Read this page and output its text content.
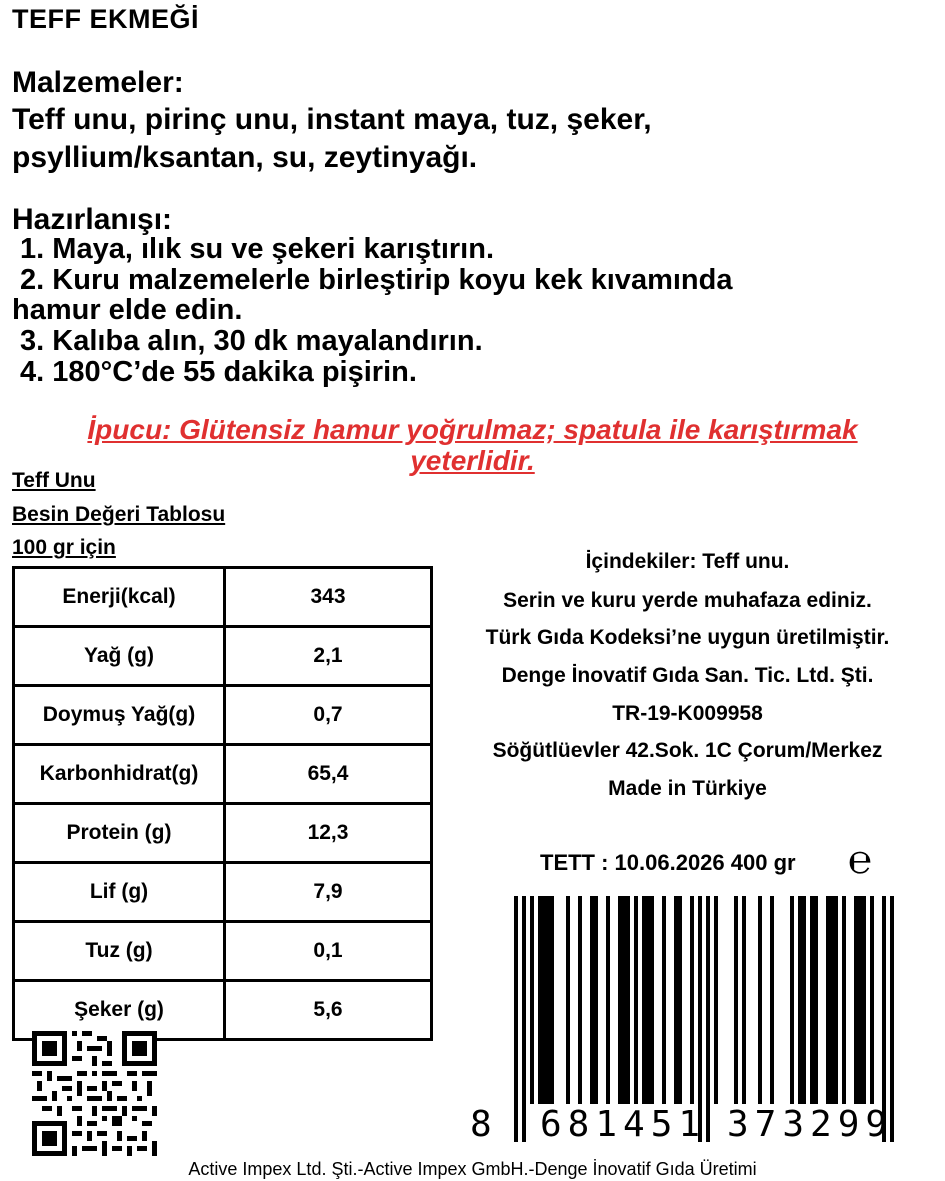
TEFF EKMEĞİ
Malzemeler:
Teff unu, pirinç unu, instant maya, tuz, şeker,
psyllium/ksantan, su, zeytinyağı.
Hazırlanışı:
1. Maya, ılık su ve şekeri karıştırın.
2. Kuru malzemelerle birleştirip koyu kek kıvamında
hamur elde edin.
3. Kalıba alın, 30 dk mayalandırın.
4. 180°C’de 55 dakika pişirin.
İpucu: Glütensiz hamur yoğrulmaz; spatula ile karıştırmak
yeterlidir.
Teff Unu
Besin Değeri Tablosu
100 gr için
Enerji(kcal)	343
Yağ (g)	2,1
Doymuş Yağ(g)	0,7
Karbonhidrat(g)	65,4
Protein (g)	12,3
Lif (g)	7,9
Tuz (g)	0,1
Şeker (g)	5,6
İçindekiler: Teff unu.
Serin ve kuru yerde muhafaza ediniz.
Türk Gıda Kodeksi’ne uygun üretilmiştir.
Denge İnovatif Gıda San. Tic. Ltd. Şti.
TR-19-K009958
Söğütlüevler 42.Sok. 1C Çorum/Merkez
Made in Türkiye
TETT : 10.06.2026 400 gr ℮
8 681451 373299
Active Impex Ltd. Şti.-Active Impex GmbH.-Denge İnovatif Gıda Üretimi
